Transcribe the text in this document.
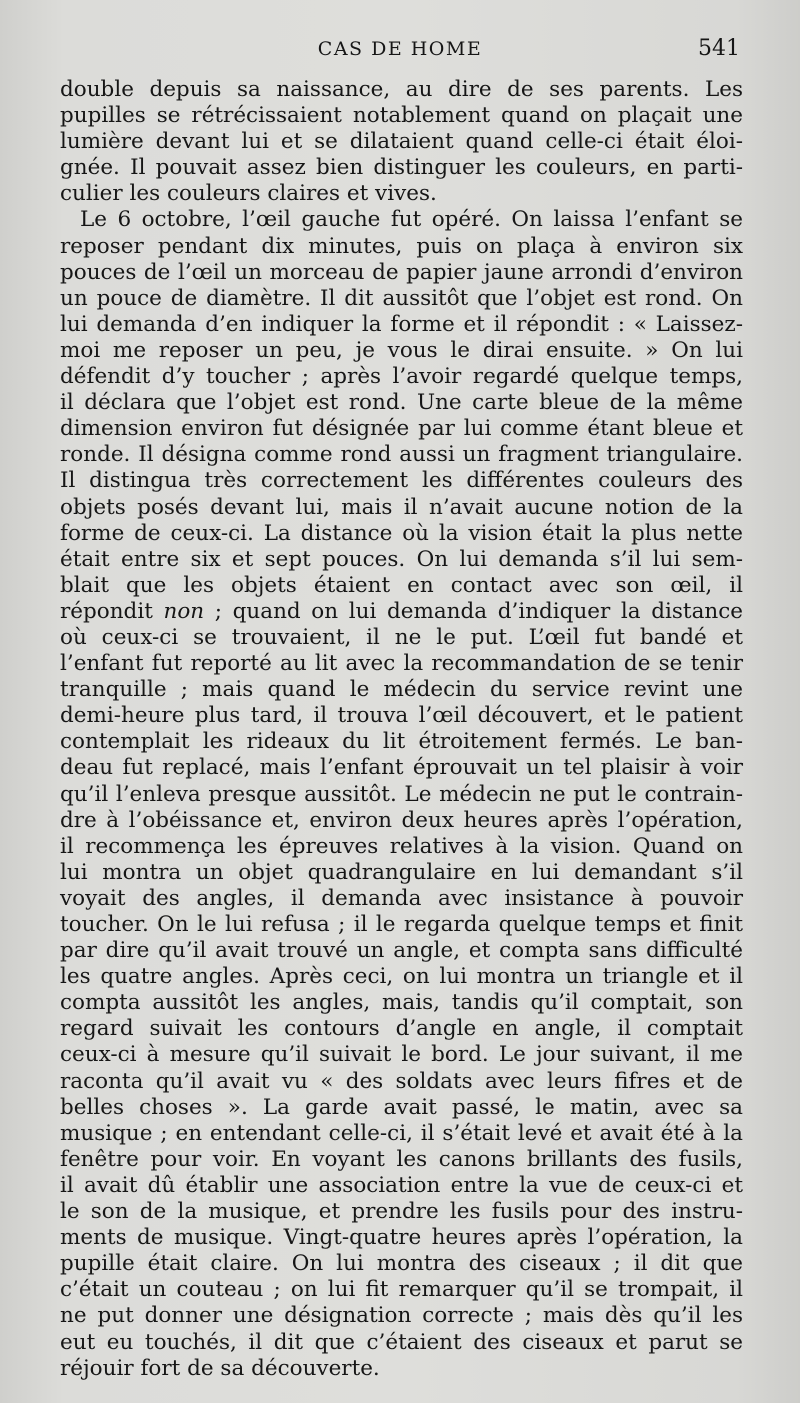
CAS DE HOME	541
double depuis sa naissance, au dire de ses parents. Les
pupilles se rétrécissaient notablement quand on plaçait une
lumière devant lui et se dilataient quand celle-ci était éloi-
gnée. Il pouvait assez bien distinguer les couleurs, en parti-
culier les couleurs claires et vives.
Le 6 octobre, l’œil gauche fut opéré. On laissa l’enfant se
reposer pendant dix minutes, puis on plaça à environ six
pouces de l’œil un morceau de papier jaune arrondi d’environ
un pouce de diamètre. Il dit aussitôt que l’objet est rond. On
lui demanda d’en indiquer la forme et il répondit : « Laissez-
moi me reposer un peu, je vous le dirai ensuite. » On lui
défendit d’y toucher ; après l’avoir regardé quelque temps,
il déclara que l’objet est rond. Une carte bleue de la même
dimension environ fut désignée par lui comme étant bleue et
ronde. Il désigna comme rond aussi un fragment triangulaire.
Il distingua très correctement les différentes couleurs des
objets posés devant lui, mais il n’avait aucune notion de la
forme de ceux-ci. La distance où la vision était la plus nette
était entre six et sept pouces. On lui demanda s’il lui sem-
blait que les objets étaient en contact avec son œil, il
répondit non ; quand on lui demanda d’indiquer la distance
où ceux-ci se trouvaient, il ne le put. L’œil fut bandé et
l’enfant fut reporté au lit avec la recommandation de se tenir
tranquille ; mais quand le médecin du service revint une
demi-heure plus tard, il trouva l’œil découvert, et le patient
contemplait les rideaux du lit étroitement fermés. Le ban-
deau fut replacé, mais l’enfant éprouvait un tel plaisir à voir
qu’il l’enleva presque aussitôt. Le médecin ne put le contrain-
dre à l’obéissance et, environ deux heures après l’opération,
il recommença les épreuves relatives à la vision. Quand on
lui montra un objet quadrangulaire en lui demandant s’il
voyait des angles, il demanda avec insistance à pouvoir
toucher. On le lui refusa ; il le regarda quelque temps et finit
par dire qu’il avait trouvé un angle, et compta sans difficulté
les quatre angles. Après ceci, on lui montra un triangle et il
compta aussitôt les angles, mais, tandis qu’il comptait, son
regard suivait les contours d’angle en angle, il comptait
ceux-ci à mesure qu’il suivait le bord. Le jour suivant, il me
raconta qu’il avait vu « des soldats avec leurs fifres et de
belles choses ». La garde avait passé, le matin, avec sa
musique ; en entendant celle-ci, il s’était levé et avait été à la
fenêtre pour voir. En voyant les canons brillants des fusils,
il avait dû établir une association entre la vue de ceux-ci et
le son de la musique, et prendre les fusils pour des instru-
ments de musique. Vingt-quatre heures après l’opération, la
pupille était claire. On lui montra des ciseaux ; il dit que
c’était un couteau ; on lui fit remarquer qu’il se trompait, il
ne put donner une désignation correcte ; mais dès qu’il les
eut eu touchés, il dit que c’étaient des ciseaux et parut se
réjouir fort de sa découverte.
